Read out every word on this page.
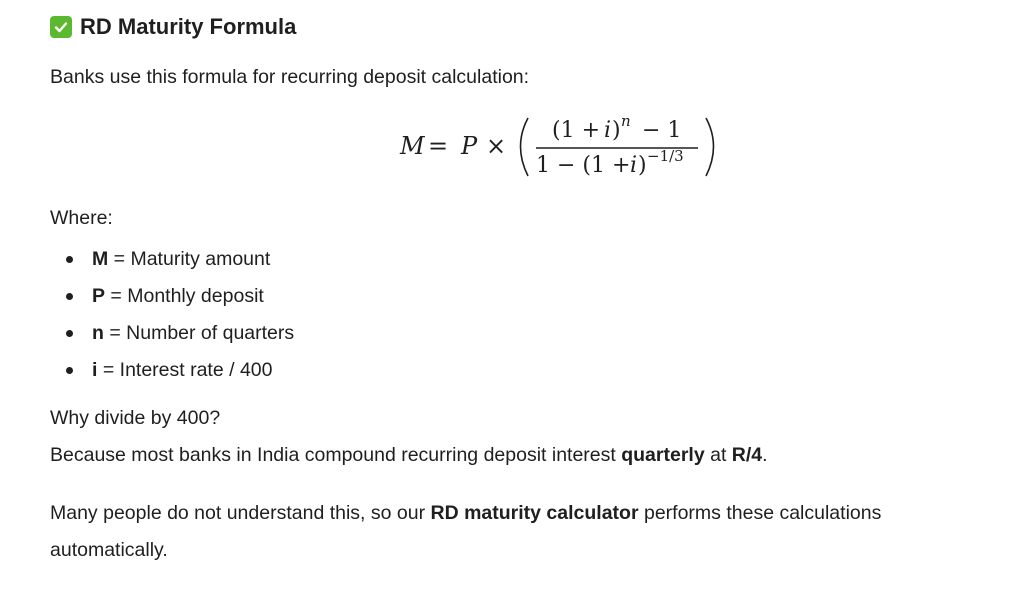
RD Maturity Formula

Banks use this formula for recurring deposit calculation:

M = P ×
(1 + i ) n − 1
1 − (1 + i ) −1/3

Where:

M = Maturity amount
P = Monthly deposit
n = Number of quarters
i = Interest rate / 400

Why divide by 400?

Because most banks in India compound recurring deposit interest quarterly at R/4.

Many people do not understand this, so our RD maturity calculator performs these calculations

automatically.
